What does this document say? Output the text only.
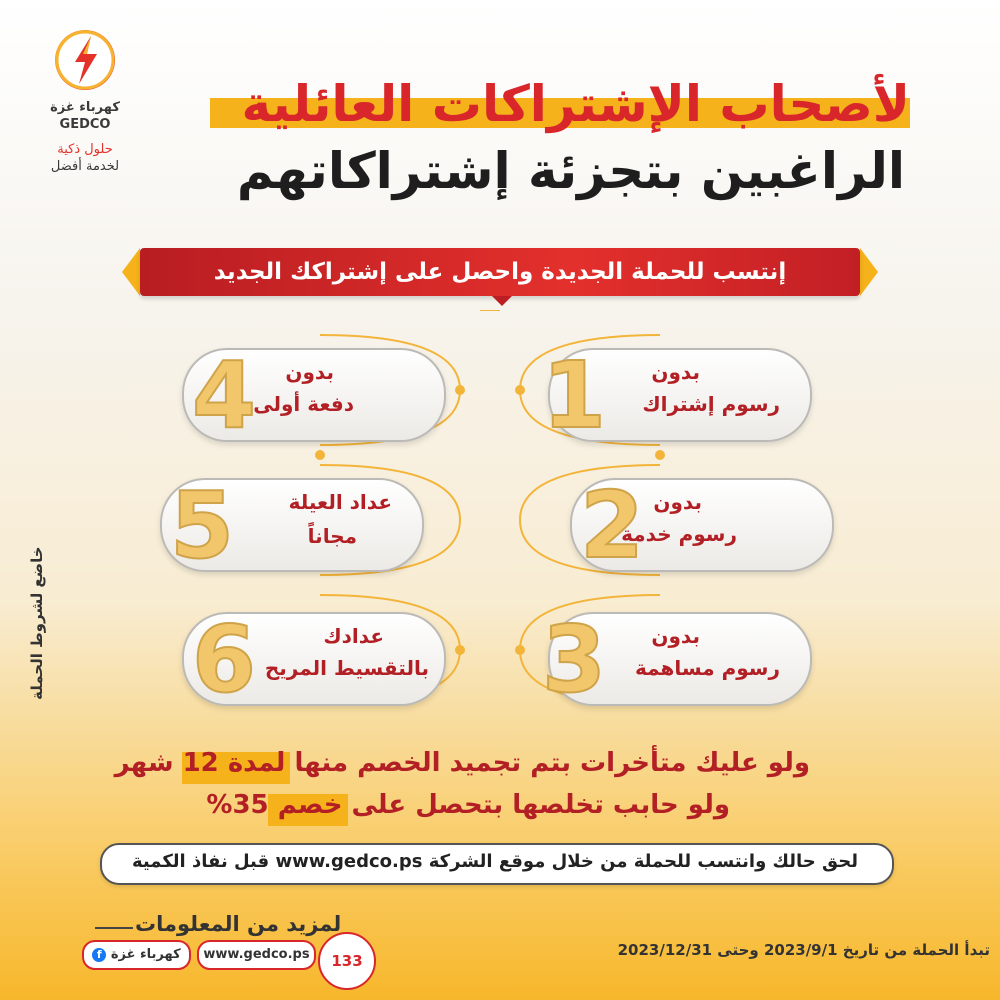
كهرباء غزة
GEDCO
حلول ذكية
لخدمة أفضل
لأصحاب الإشتراكات العائلية
الراغبين بتجزئة إشتراكاتهم
إنتسب للحملة الجديدة واحصل على إشتراكك الجديد
خاضع لشروط الحملة
1 بدون
رسوم إشتراك
2 بدون
رسوم خدمة
3 بدون
رسوم مساهمة
4 بدون
دفعة أولى
5	عداد العيلة
مجاناً
6	عدادك
بالتقسيط المريح
ولو عليك متأخرات بتم تجميد الخصم منها لمدة 12 شهر
ولو حابب تخلصها بتحصل على خصم 35%
لحق حالك وانتسب للحملة من خلال موقع الشركة www.gedco.ps قبل نفاذ الكمية
لمزيد من المعلومات
133
www.gedco.ps
f كهرباء غزة	تبدأ الحملة من تاريخ 2023/9/1 وحتى 2023/12/31
